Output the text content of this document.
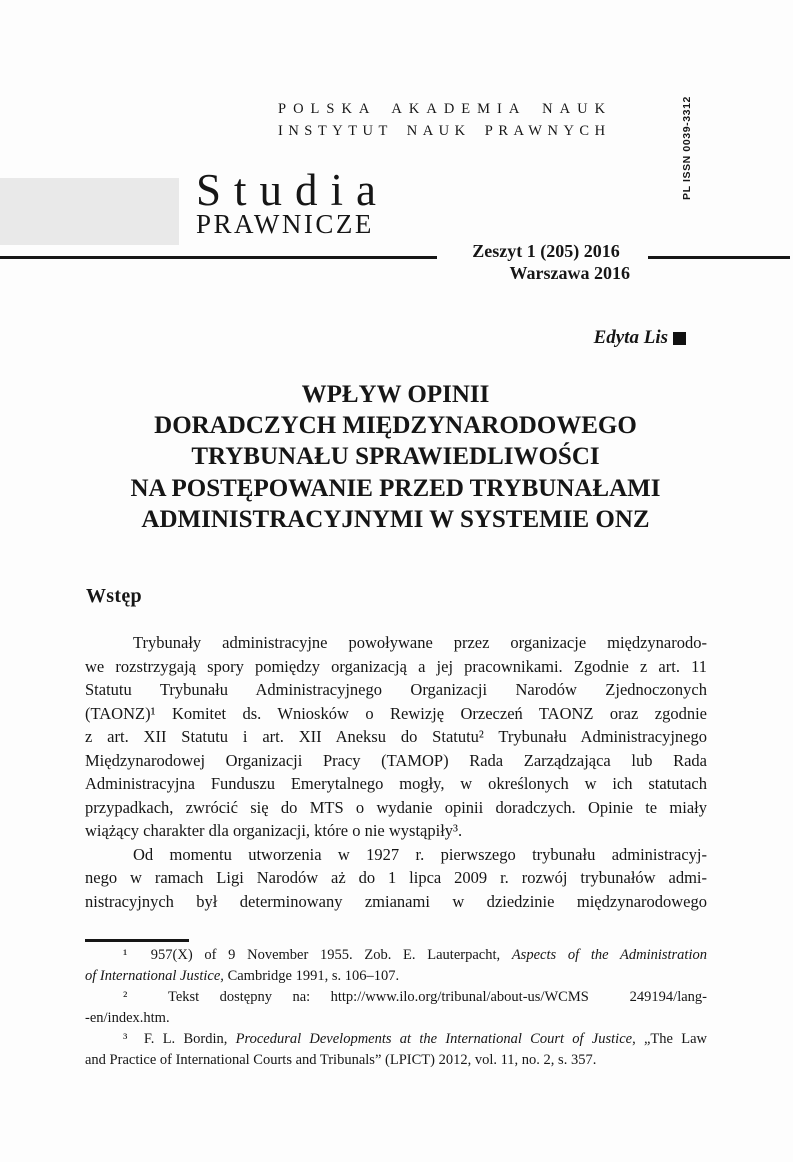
POLSKA AKADEMIA NAUK
INSTYTUT NAUK PRAWNYCH	PL ISSN 0039-3312
Studia
PRAWNICZE
Zeszyt 1 (205) 2016
Warszawa 2016
Edyta Lis
WPŁYW OPINII
DORADCZYCH MIĘDZYNARODOWEGO
TRYBUNAŁU SPRAWIEDLIWOŚCI
NA POSTĘPOWANIE PRZED TRYBUNAŁAMI
ADMINISTRACYJNYMI W SYSTEMIE ONZ
Wstęp
Trybunały administracyjne powoływane przez organizacje międzynarodo-
we rozstrzygają spory pomiędzy organizacją a jej pracownikami. Zgodnie z art. 11
Statutu Trybunału Administracyjnego Organizacji Narodów Zjednoczonych
(TAONZ)¹ Komitet ds. Wniosków o Rewizję Orzeczeń TAONZ oraz zgodnie
z art. XII Statutu i art. XII Aneksu do Statutu² Trybunału Administracyjnego
Międzynarodowej Organizacji Pracy (TAMOP) Rada Zarządzająca lub Rada
Administracyjna Funduszu Emerytalnego mogły, w określonych w ich statutach
przypadkach, zwrócić się do MTS o wydanie opinii doradczych. Opinie te miały
wiążący charakter dla organizacji, które o nie wystąpiły³.
Od momentu utworzenia w 1927 r. pierwszego trybunału administracyj-
nego w ramach Ligi Narodów aż do 1 lipca 2009 r. rozwój trybunałów admi-
nistracyjnych był determinowany zmianami w dziedzinie międzynarodowego
¹  957(X) of 9 November 1955. Zob. E. Lauterpacht, Aspects of the Administration
of International Justice, Cambridge 1991, s. 106–107.
²  Tekst dostępny na: http://www.ilo.org/tribunal/about-us/WCMS  249194/lang-
-en/index.htm.
³  F. L. Bordin, Procedural Developments at the International Court of Justice, „The Law
and Practice of International Courts and Tribunals” (LPICT) 2012, vol. 11, no. 2, s. 357.
